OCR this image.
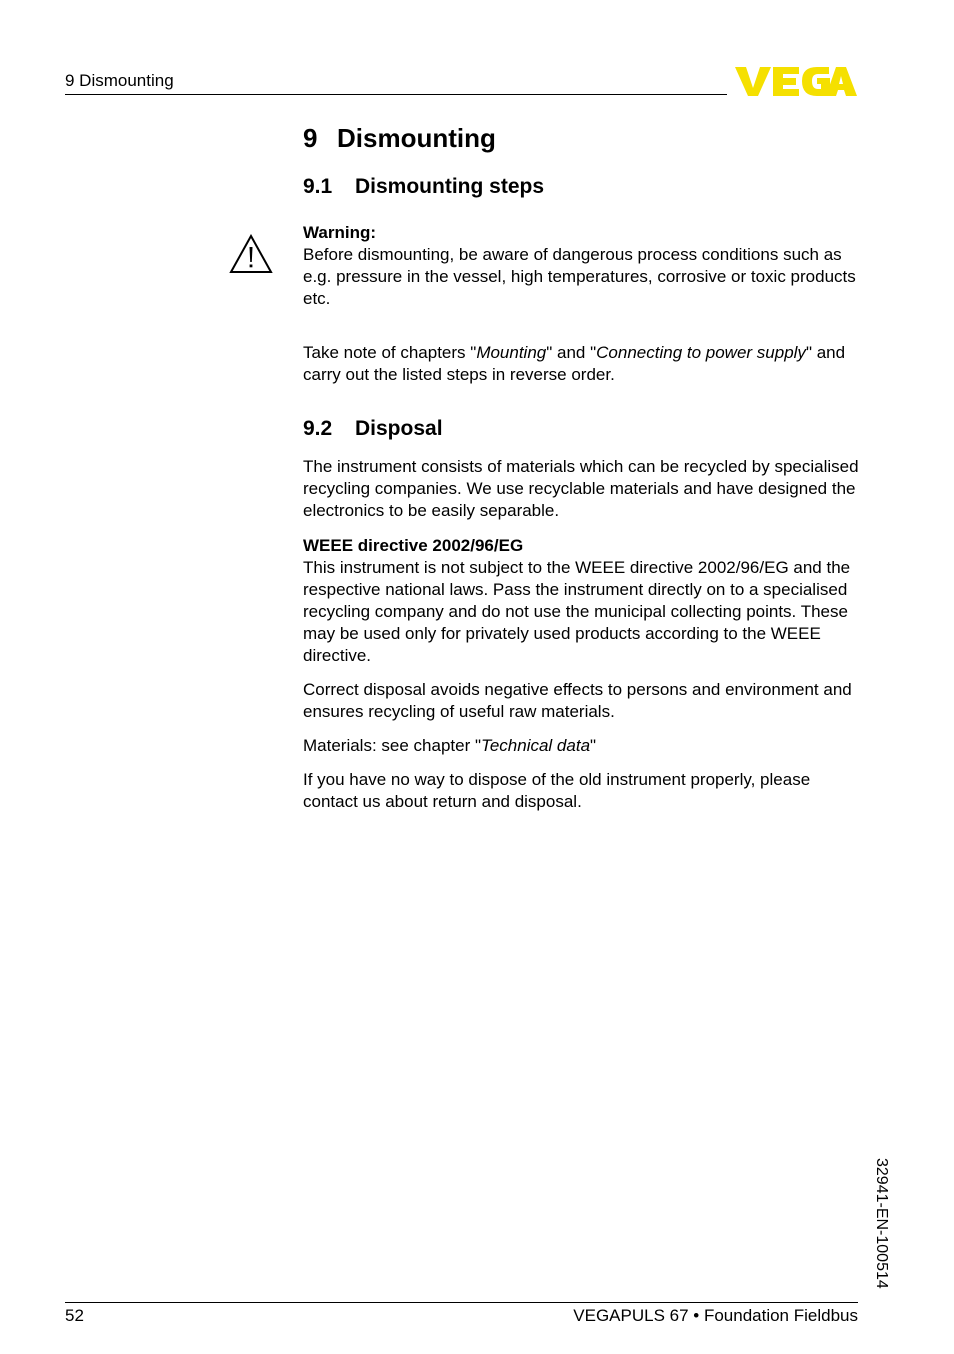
9 Dismounting
9 Dismounting
9.1 Dismounting steps

Warning:

Before dismounting, be aware of dangerous process conditions such as e.g. pressure in the vessel, high temperatures, corrosive or toxic products etc.

Take note of chapters "Mounting" and "Connecting to power supply" and carry out the listed steps in reverse order.

9.2 Disposal

The instrument consists of materials which can be recycled by specialised recycling companies. We use recyclable materials and have designed the electronics to be easily separable.

WEEE directive 2002/96/EG

This instrument is not subject to the WEEE directive 2002/96/EG and the respective national laws. Pass the instrument directly on to a specialised recycling company and do not use the municipal collecting points. These may be used only for privately used products according to the WEEE directive.

Correct disposal avoids negative effects to persons and environment and ensures recycling of useful raw materials.

Materials: see chapter "Technical data"

If you have no way to dispose of the old instrument properly, please contact us about return and disposal.

32941-EN-100514
52	VEGAPULS 67 • Foundation Fieldbus
